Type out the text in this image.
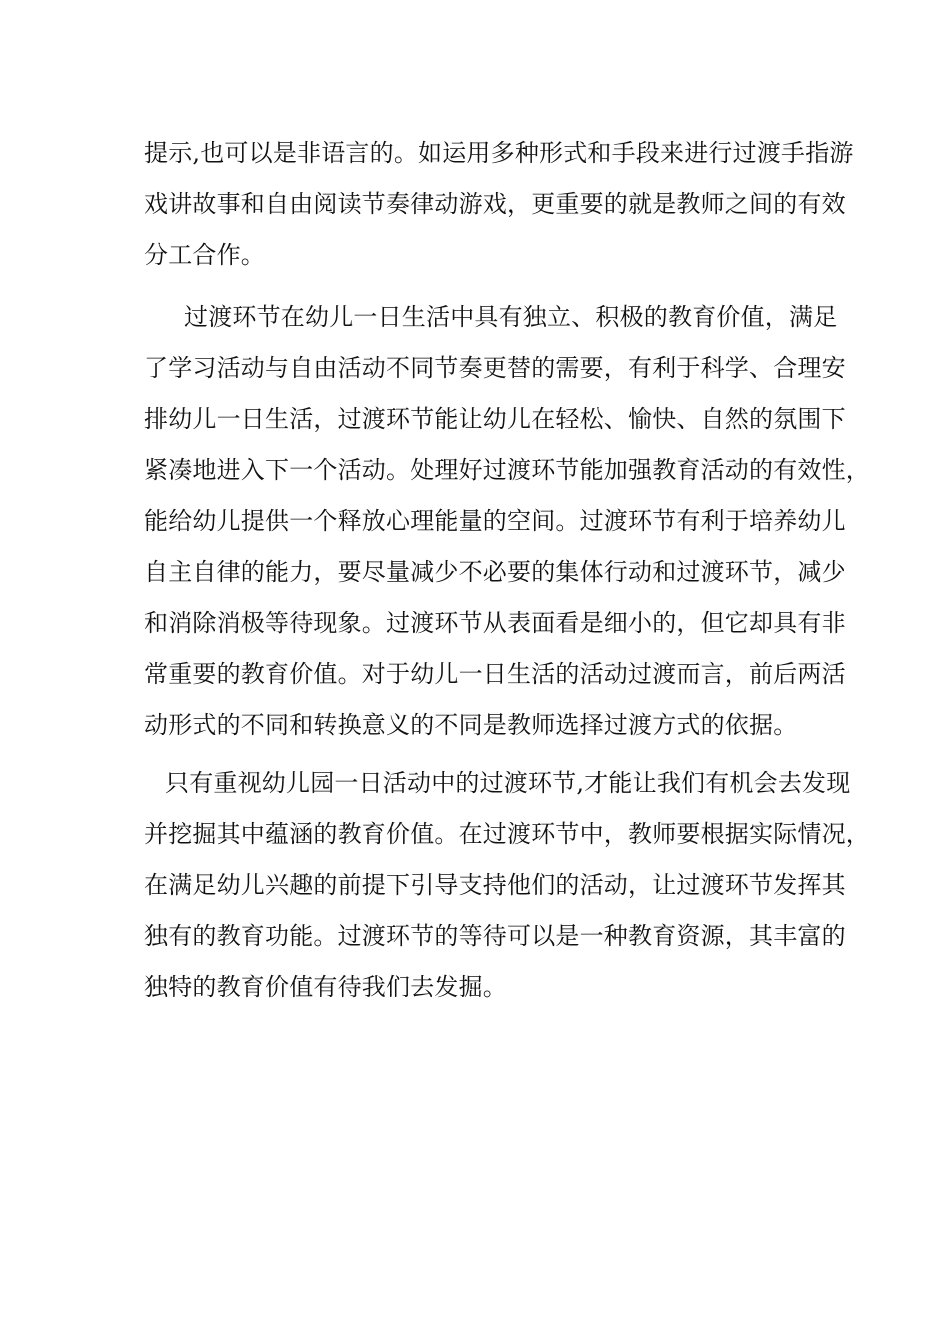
提示,也可以是非语言的。如运用多种形式和手段来进行过渡手指游
戏讲故事和自由阅读节奏律动游戏，更重要的就是教师之间的有效
分工合作。

过渡环节在幼儿一日生活中具有独立、积极的教育价值，满足
了学习活动与自由活动不同节奏更替的需要，有利于科学、合理安
排幼儿一日生活，过渡环节能让幼儿在轻松、愉快、自然的氛围下
紧凑地进入下一个活动。处理好过渡环节能加强教育活动的有效性，
能给幼儿提供一个释放心理能量的空间。过渡环节有利于培养幼儿
自主自律的能力，要尽量减少不必要的集体行动和过渡环节，减少
和消除消极等待现象。过渡环节从表面看是细小的，但它却具有非
常重要的教育价值。对于幼儿一日生活的活动过渡而言，前后两活
动形式的不同和转换意义的不同是教师选择过渡方式的依据。

只有重视幼儿园一日活动中的过渡环节,才能让我们有机会去发现
并挖掘其中蕴涵的教育价值。在过渡环节中，教师要根据实际情况，
在满足幼儿兴趣的前提下引导支持他们的活动，让过渡环节发挥其
独有的教育功能。过渡环节的等待可以是一种教育资源，其丰富的
独特的教育价值有待我们去发掘。
